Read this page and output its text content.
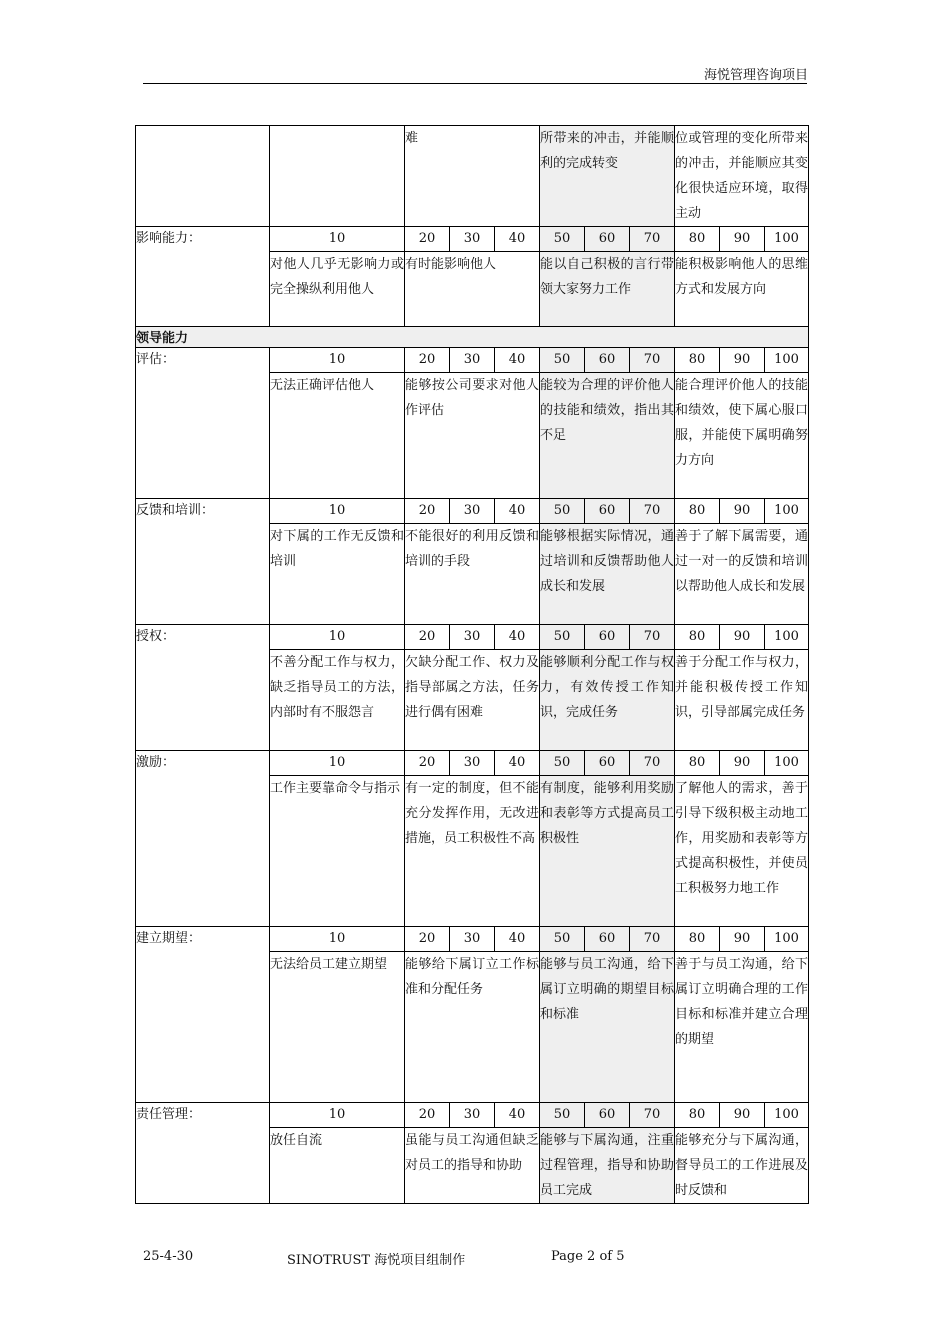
海悦管理咨询项目
		难			所带来的冲击，并能顺利的完成转变			位或管理的变化所带来的冲击，并能顺应其变化很快适应环境，取得主动		
影响能力：	10	20	30	40	50	60	70	80	90	100
	对他人几乎无影响力或完全操纵利用他人	有时能影响他人			能以自己积极的言行带领大家努力工作			能积极影响他人的思维方式和发展方向		
领导能力										
评估：	10	20	30	40	50	60	70	80	90	100
	无法正确评估他人	能够按公司要求对他人作评估			能较为合理的评价他人的技能和绩效，指出其不足			能合理评价他人的技能和绩效，使下属心服口服，并能使下属明确努力方向		
反馈和培训：	10	20	30	40	50	60	70	80	90	100
	对下属的工作无反馈和培训	不能很好的利用反馈和培训的手段			能够根据实际情况，通过培训和反馈帮助他人成长和发展			善于了解下属需要，通过一对一的反馈和培训以帮助他人成长和发展		
授权：	10	20	30	40	50	60	70	80	90	100
	不善分配工作与权力，缺乏指导员工的方法，内部时有不服怨言	欠缺分配工作、权力及指导部属之方法，任务进行偶有困难			能够顺利分配工作与权力，有效传授工作知识，完成任务			善于分配工作与权力，并能积极传授工作知识，引导部属完成任务		
激励：	10	20	30	40	50	60	70	80	90	100
	工作主要靠命令与指示	有一定的制度，但不能充分发挥作用，无改进措施，员工积极性不高			有制度，能够利用奖励和表彰等方式提高员工积极性			了解他人的需求，善于引导下级积极主动地工作，用奖励和表彰等方式提高积极性，并使员工积极努力地工作		
建立期望：	10	20	30	40	50	60	70	80	90	100
	无法给员工建立期望	能够给下属订立工作标准和分配任务			能够与员工沟通，给下属订立明确的期望目标和标准			善于与员工沟通，给下属订立明确合理的工作目标和标准并建立合理的期望		
责任管理：	10	20	30	40	50	60	70	80	90	100
	放任自流	虽能与员工沟通但缺乏对员工的指导和协助			能够与下属沟通，注重过程管理，指导和协助员工完成			能够充分与下属沟通，督导员工的工作进展及时反馈和		
25-4-30	SINOTRUST 海悦项目组制作	Page 2 of 5
